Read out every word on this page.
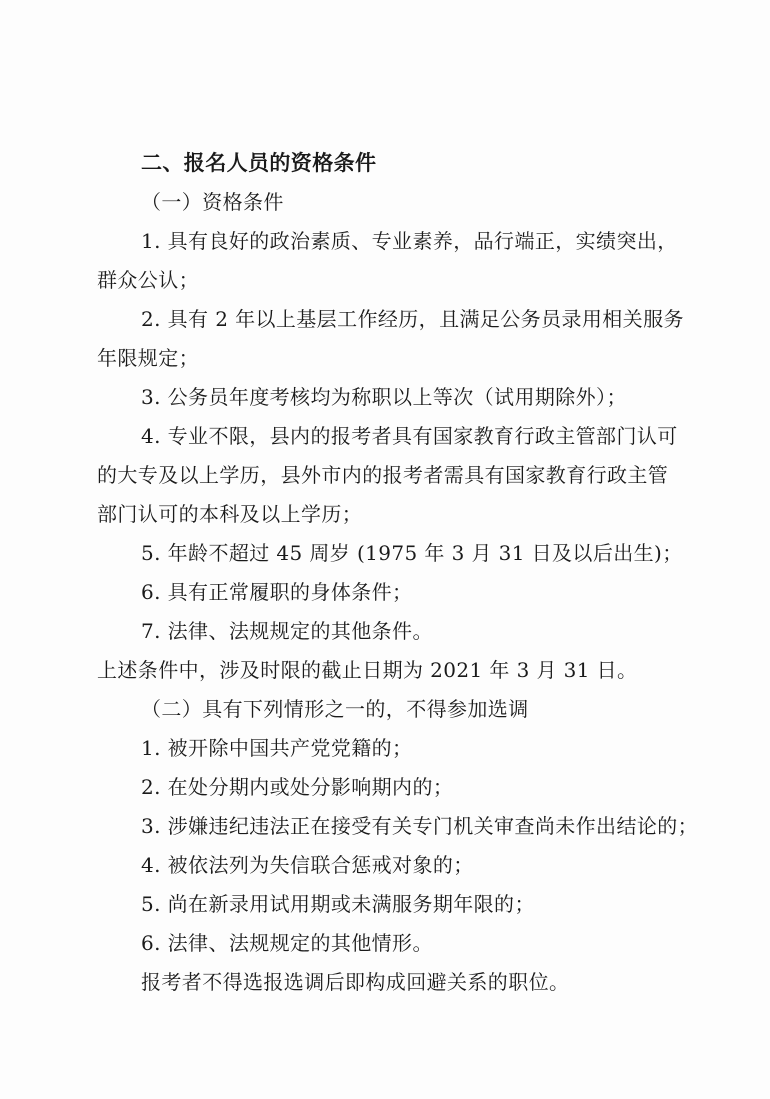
二、报名人员的资格条件
（一）资格条件
1. 具有良好的政治素质、专业素养，品行端正，实绩突出，
群众公认；
2. 具有 2 年以上基层工作经历，且满足公务员录用相关服务
年限规定；
3. 公务员年度考核均为称职以上等次（试用期除外）；
4. 专业不限，县内的报考者具有国家教育行政主管部门认可
的大专及以上学历，县外市内的报考者需具有国家教育行政主管
部门认可的本科及以上学历；
5. 年龄不超过 45 周岁 (1975 年 3 月 31 日及以后出生)；
6. 具有正常履职的身体条件；
7. 法律、法规规定的其他条件。
上述条件中，涉及时限的截止日期为 2021 年 3 月 31 日。
（二）具有下列情形之一的，不得参加选调
1. 被开除中国共产党党籍的；
2. 在处分期内或处分影响期内的；
3. 涉嫌违纪违法正在接受有关专门机关审查尚未作出结论的；
4. 被依法列为失信联合惩戒对象的；
5. 尚在新录用试用期或未满服务期年限的；
6. 法律、法规规定的其他情形。
报考者不得选报选调后即构成回避关系的职位。
